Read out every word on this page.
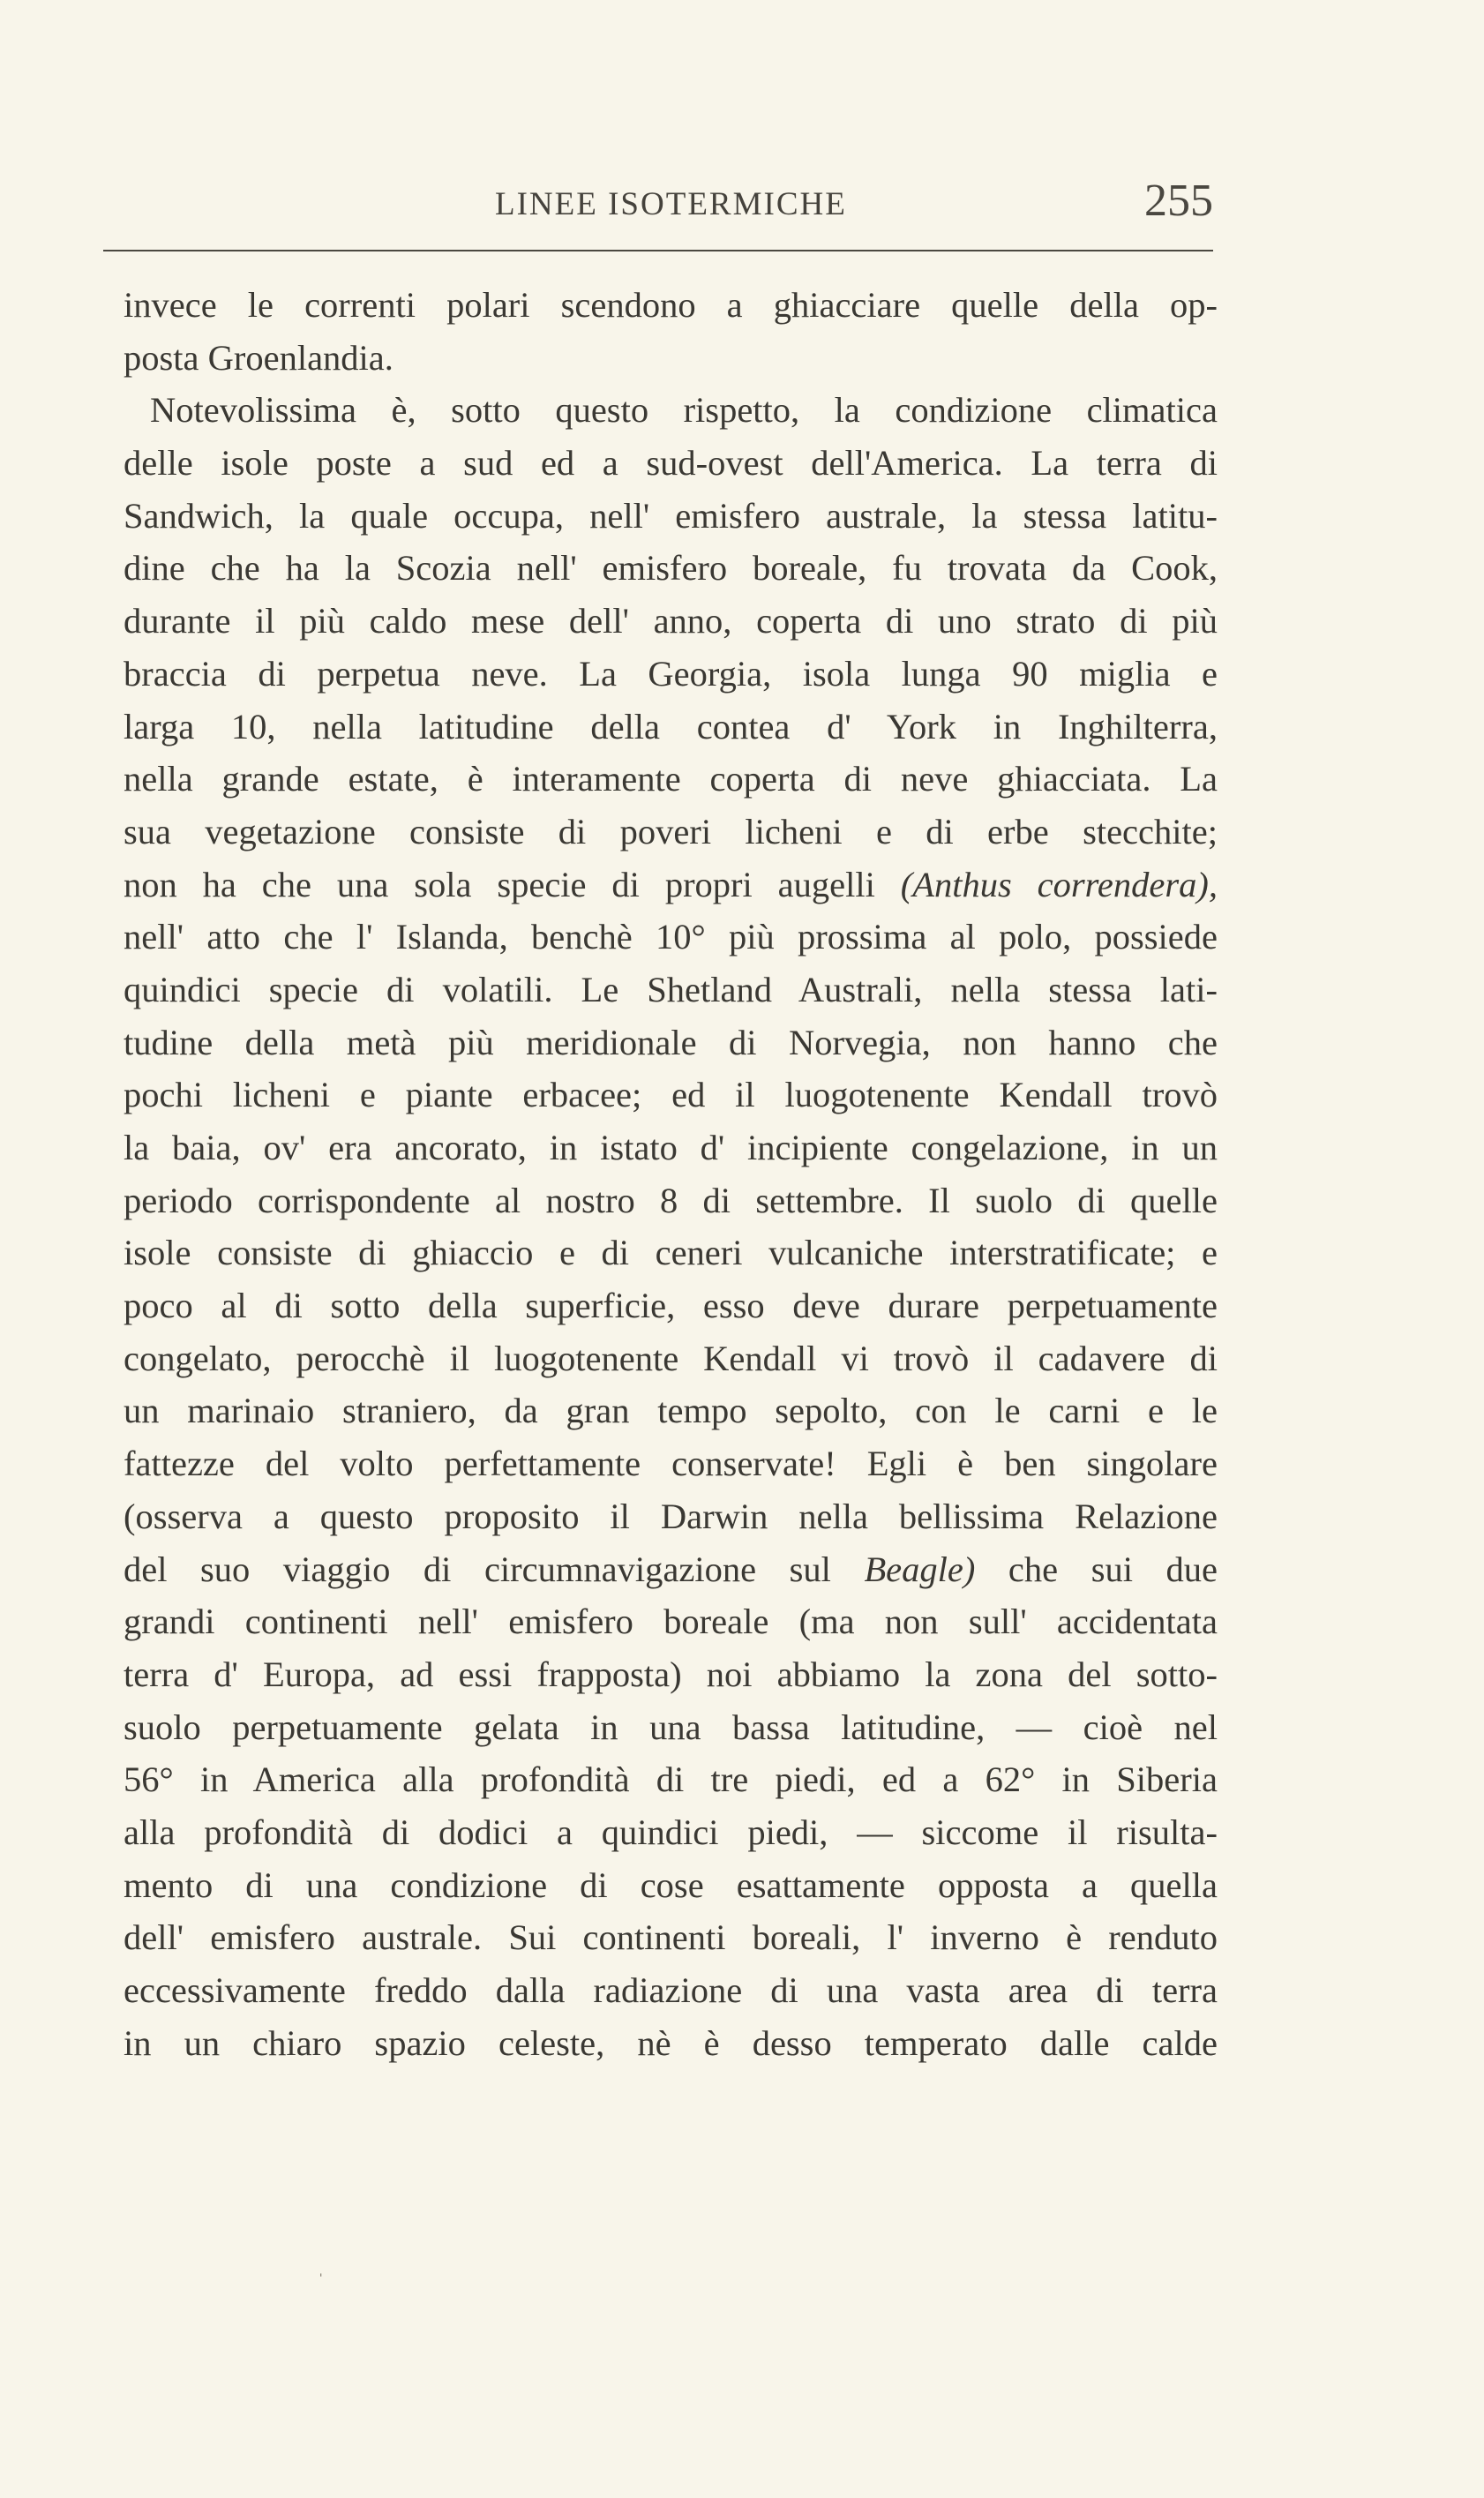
LINEE ISOTERMICHE	255
invece le correnti polari scendono a ghiacciare quelle della op-
posta Groenlandia.
Notevolissima è, sotto questo rispetto, la condizione climatica
delle isole poste a sud ed a sud-ovest dell'America. La terra di
Sandwich, la quale occupa, nell' emisfero australe, la stessa latitu-
dine che ha la Scozia nell' emisfero boreale, fu trovata da Cook,
durante il più caldo mese dell' anno, coperta di uno strato di più
braccia di perpetua neve. La Georgia, isola lunga 90 miglia e
larga 10, nella latitudine della contea d' York in Inghilterra,
nella grande estate, è interamente coperta di neve ghiacciata. La
sua vegetazione consiste di poveri licheni e di erbe stecchite;
non ha che una sola specie di propri augelli (Anthus correndera),
nell' atto che l' Islanda, benchè 10° più prossima al polo, possiede
quindici specie di volatili. Le Shetland Australi, nella stessa lati-
tudine della metà più meridionale di Norvegia, non hanno che
pochi licheni e piante erbacee; ed il luogotenente Kendall trovò
la baia, ov' era ancorato, in istato d' incipiente congelazione, in un
periodo corrispondente al nostro 8 di settembre. Il suolo di quelle
isole consiste di ghiaccio e di ceneri vulcaniche interstratificate; e
poco al di sotto della superficie, esso deve durare perpetuamente
congelato, perocchè il luogotenente Kendall vi trovò il cadavere di
un marinaio straniero, da gran tempo sepolto, con le carni e le
fattezze del volto perfettamente conservate! Egli è ben singolare
(osserva a questo proposito il Darwin nella bellissima Relazione
del suo viaggio di circumnavigazione sul Beagle) che sui due
grandi continenti nell' emisfero boreale (ma non sull' accidentata
terra d' Europa, ad essi frapposta) noi abbiamo la zona del sotto-
suolo perpetuamente gelata in una bassa latitudine, — cioè nel
56° in America alla profondità di tre piedi, ed a 62° in Siberia
alla profondità di dodici a quindici piedi, — siccome il risulta-
mento di una condizione di cose esattamente opposta a quella
dell' emisfero australe. Sui continenti boreali, l' inverno è renduto
eccessivamente freddo dalla radiazione di una vasta area di terra
in un chiaro spazio celeste, nè è desso temperato dalle calde
ˌ
